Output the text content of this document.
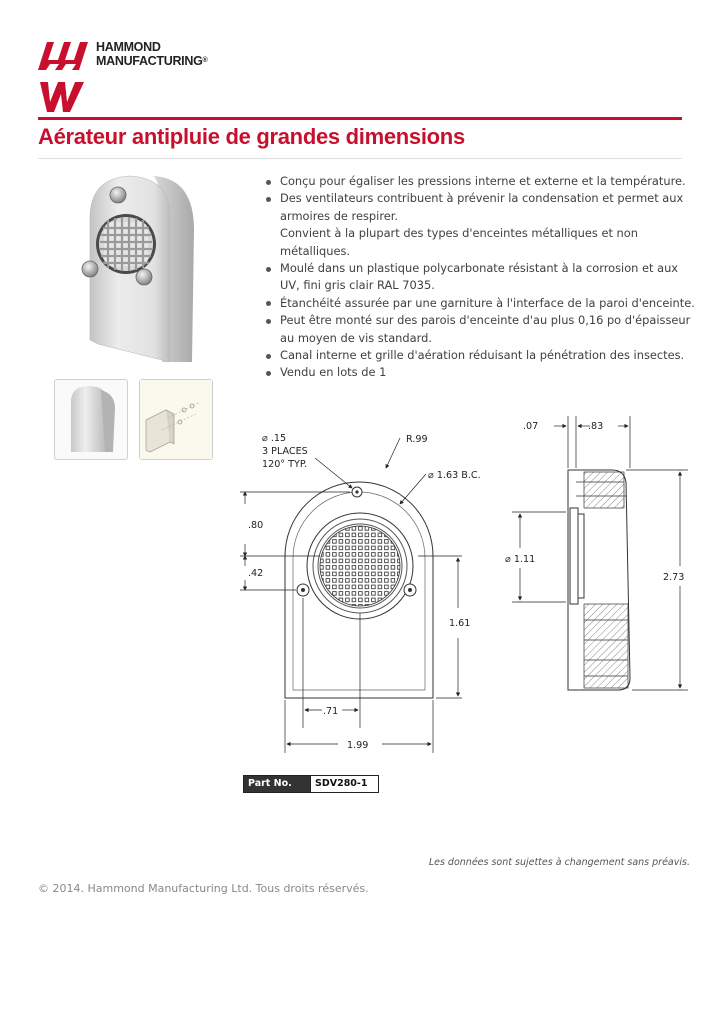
HAMMOND
MANUFACTURING®
Aérateur antipluie de grandes dimensions
Conçu pour égaliser les pressions interne et externe et la température.
Des ventilateurs contribuent à prévenir la condensation et permet aux armoires de respirer.
Convient à la plupart des types d'enceintes métalliques et non métalliques.
Moulé dans un plastique polycarbonate résistant à la corrosion et aux UV, fini gris clair RAL 7035.
Étanchéité assurée par une garniture à l'interface de la paroi d'enceinte.
Peut être monté sur des parois d'enceinte d'au plus 0,16 po d'épaisseur au moyen de vis standard.
Canal interne et grille d'aération réduisant la pénétration des insectes.
Vendu en lots de 1
⌀ .15
3 PLACES
120° TYP.
R.99
⌀ 1.63 B.C.
.80
.42
1.61
.71
1.99
.07	.83
⌀ 1.11
2.73
Part No.	SDV280-1
Les données sont sujettes à changement sans préavis.
© 2014. Hammond Manufacturing Ltd. Tous droits réservés.
